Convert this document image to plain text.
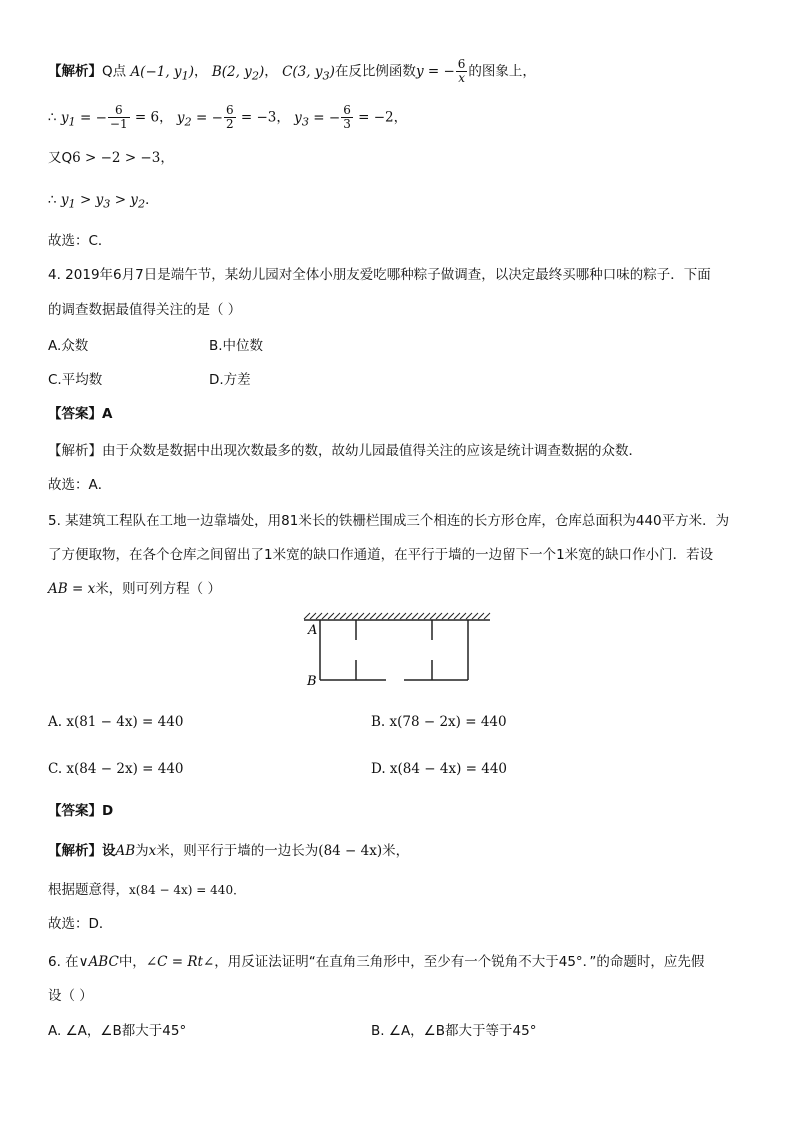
【解析】Q点 A(−1, $y_1$)， B(2, $y_2$)， C(3, $y_3$)在反比例函数y = − $\frac{6}{x}$ 的图象上，
∴ $y_1$ = − $\frac{6}{-1} = 6$， $y_2$ = − $\frac{6}{2} = -3$， $y_3$ = − $\frac{6}{3} = -2$，
又Q6 > −2 > −3，
∴ $y_1 > y_3 > y_2$．
故选：C．
4. 2019年6月7日是端午节，某幼儿园对全体小朋友爱吃哪种粽子做调查，以决定最终买哪种口味的粽子．下面
的调查数据最值得关注的是（ ）
A.众数	B.中位数
C.平均数	D.方差
【答案】A
【解析】由于众数是数据中出现次数最多的数，故幼儿园最值得关注的应该是统计调查数据的众数．
故选：A．
5. 某建筑工程队在工地一边靠墙处，用81米长的铁栅栏围成三个相连的长方形仓库，仓库总面积为440平方米．为
了方便取物，在各个仓库之间留出了1米宽的缺口作通道，在平行于墙的一边留下一个1米宽的缺口作小门．若设
AB = x米，则可列方程（ ）
A
B
A. x(81 − 4x) = 440	B. x(78 − 2x) = 440
C. x(84 − 2x) = 440	D. x(84 − 4x) = 440
【答案】D
【解析】设AB为x米，则平行于墙的一边长为(84 − 4x)米，
根据题意得，x(84 − 4x) = 440．
故选：D．
6. 在∨ABC中，∠C = Rt∠，用反证法证明“在直角三角形中，至少有一个锐角不大于45°．”的命题时，应先假
设（ ）
A. ∠A，∠B都大于45°	B. ∠A，∠B都大于等于45°
